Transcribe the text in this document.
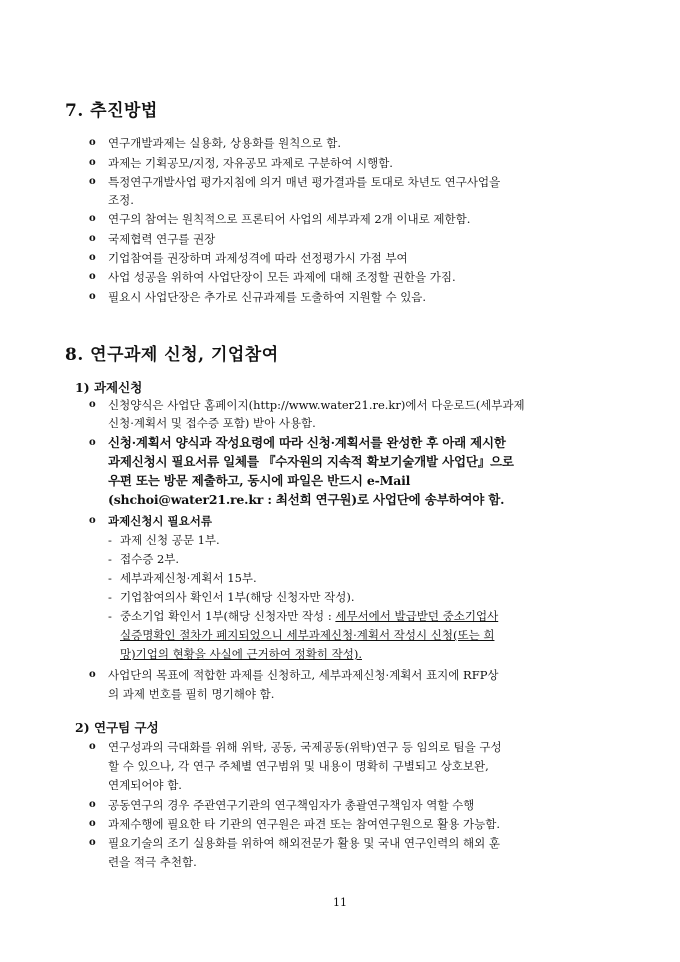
7. 추진방법
o 연구개발과제는 실용화, 상용화를 원칙으로 함.
o 과제는 기획공모/지정, 자유공모 과제로 구분하여 시행함.
o 특정연구개발사업 평가지침에 의거 매년 평가결과를 토대로 차년도 연구사업을
조정.
o 연구의 참여는 원칙적으로 프론티어 사업의 세부과제 2개 이내로 제한함.
o 국제협력 연구를 권장
o 기업참여를 권장하며 과제성격에 따라 선정평가시 가점 부여
o 사업 성공을 위하여 사업단장이 모든 과제에 대해 조정할 권한을 가짐.
o 필요시 사업단장은 추가로 신규과제를 도출하여 지원할 수 있음.
8. 연구과제 신청, 기업참여
1) 과제신청
o 신청양식은 사업단 홈페이지(http://www.water21.re.kr)에서 다운로드(세부과제
신청·계획서 및 접수증 포함) 받아 사용함.
o 신청·계획서 양식과 작성요령에 따라 신청·계획서를 완성한 후 아래 제시한
과제신청시 필요서류 일체를 『수자원의 지속적 확보기술개발 사업단』으로
우편 또는 방문 제출하고, 동시에 파일은 반드시 e-Mail
(shchoi@water21.re.kr : 최선희 연구원)로 사업단에 송부하여야 함.
o 과제신청시 필요서류
- 과제 신청 공문 1부.
- 접수증 2부.
- 세부과제신청·계획서 15부.
- 기업참여의사 확인서 1부(해당 신청자만 작성).
- 중소기업 확인서 1부(해당 신청자만 작성 : 세무서에서 발급받던 중소기업사
실증명확인 절차가 폐지되었으니 세부과제신청·계획서 작성시 신청(또는 희
망)기업의 현황을 사실에 근거하여 정확히 작성).
o 사업단의 목표에 적합한 과제를 신청하고, 세부과제신청·계획서 표지에 RFP상
의 과제 번호를 필히 명기해야 함.
2) 연구팀 구성
o 연구성과의 극대화를 위해 위탁, 공동, 국제공동(위탁)연구 등 임의로 팀을 구성
할 수 있으나, 각 연구 주체별 연구범위 및 내용이 명확히 구별되고 상호보완,
연계되어야 함.
o 공동연구의 경우 주관연구기관의 연구책임자가 총괄연구책임자 역할 수행
o 과제수행에 필요한 타 기관의 연구원은 파견 또는 참여연구원으로 활용 가능함.
o 필요기술의 조기 실용화를 위하여 해외전문가 활용 및 국내 연구인력의 해외 훈
련을 적극 추천함.
11
